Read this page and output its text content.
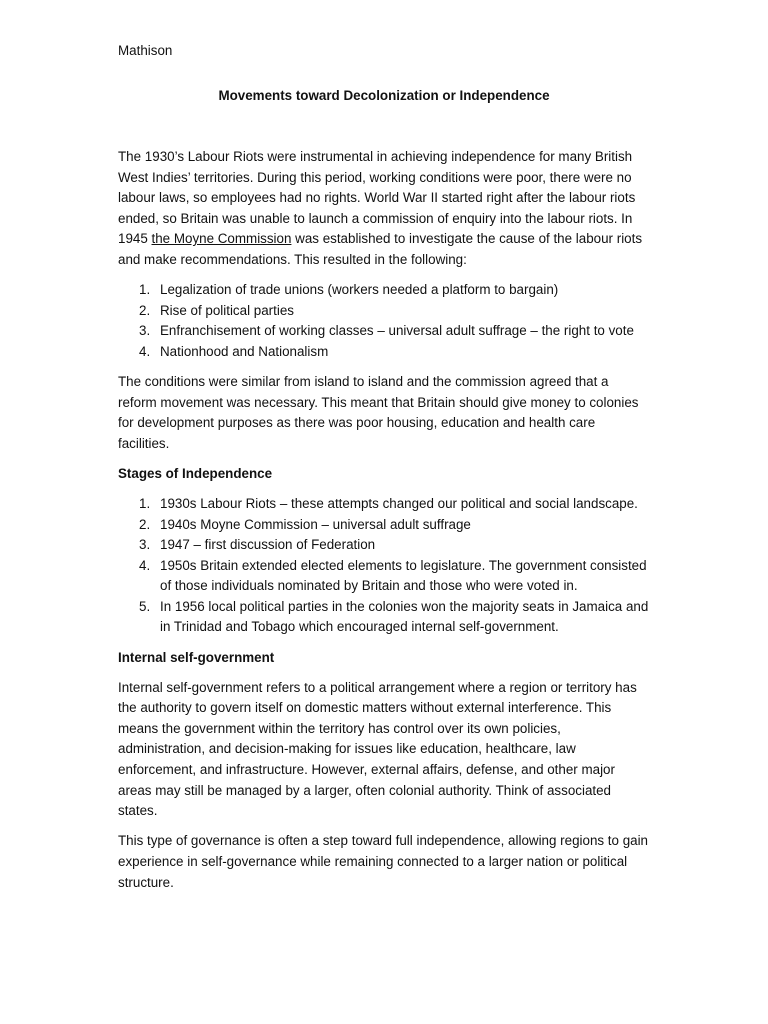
Mathison

Movements toward Decolonization or Independence

The 1930’s Labour Riots were instrumental in achieving independence for many British West Indies’ territories. During this period, working conditions were poor, there were no labour laws, so employees had no rights. World War II started right after the labour riots ended, so Britain was unable to launch a commission of enquiry into the labour riots. In 1945 the Moyne Commission was established to investigate the cause of the labour riots and make recommendations. This resulted in the following:

1. Legalization of trade unions (workers needed a platform to bargain)
2. Rise of political parties
3. Enfranchisement of working classes – universal adult suffrage – the right to vote
4. Nationhood and Nationalism

The conditions were similar from island to island and the commission agreed that a reform movement was necessary. This meant that Britain should give money to colonies for development purposes as there was poor housing, education and health care facilities.

Stages of Independence

1. 1930s Labour Riots – these attempts changed our political and social landscape.
2. 1940s Moyne Commission – universal adult suffrage
3. 1947 – first discussion of Federation
4. 1950s Britain extended elected elements to legislature. The government consisted of those individuals nominated by Britain and those who were voted in.
5. In 1956 local political parties in the colonies won the majority seats in Jamaica and in Trinidad and Tobago which encouraged internal self-government.

Internal self-government

Internal self-government refers to a political arrangement where a region or territory has the authority to govern itself on domestic matters without external interference. This means the government within the territory has control over its own policies, administration, and decision-making for issues like education, healthcare, law enforcement, and infrastructure. However, external affairs, defense, and other major areas may still be managed by a larger, often colonial authority. Think of associated states.

This type of governance is often a step toward full independence, allowing regions to gain experience in self-governance while remaining connected to a larger nation or political structure.
